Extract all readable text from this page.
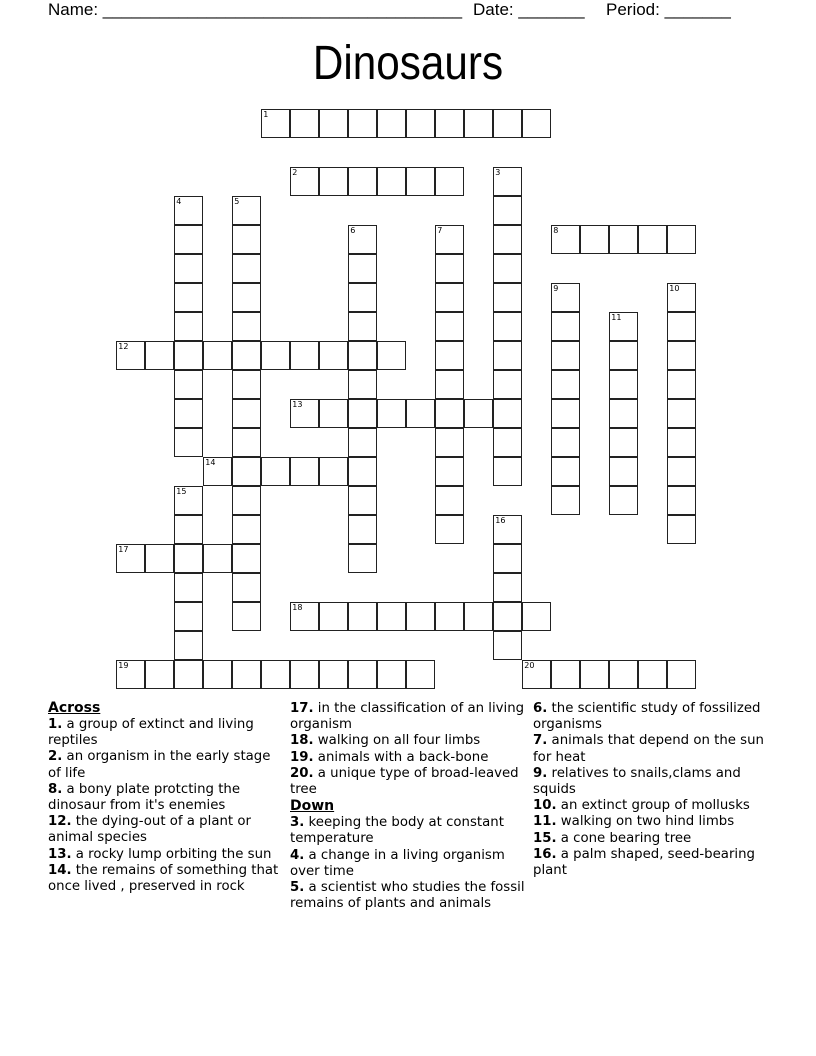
Name: ______________________________________ Date: _______ Period: _______
Dinosaurs
1
2	3
4	5
6	7	8
9	10
11
12
13
14
15
16
17
18
19	20
Across
1. a group of extinct and living reptiles
2. an organism in the early stage of life
8. a bony plate protcting the dinosaur from it's enemies
12. the dying-out of a plant or animal species
13. a rocky lump orbiting the sun
14. the remains of something that once lived , preserved in rock
17. in the classification of an living organism
18. walking on all four limbs
19. animals with a back-bone
20. a unique type of broad-leaved tree
Down
3. keeping the body at constant temperature
4. a change in a living organism over time
5. a scientist who studies the fossil remains of plants and animals
6. the scientific study of fossilized organisms
7. animals that depend on the sun for heat
9. relatives to snails,clams and squids
10. an extinct group of mollusks
11. walking on two hind limbs
15. a cone bearing tree
16. a palm shaped, seed-bearing plant
